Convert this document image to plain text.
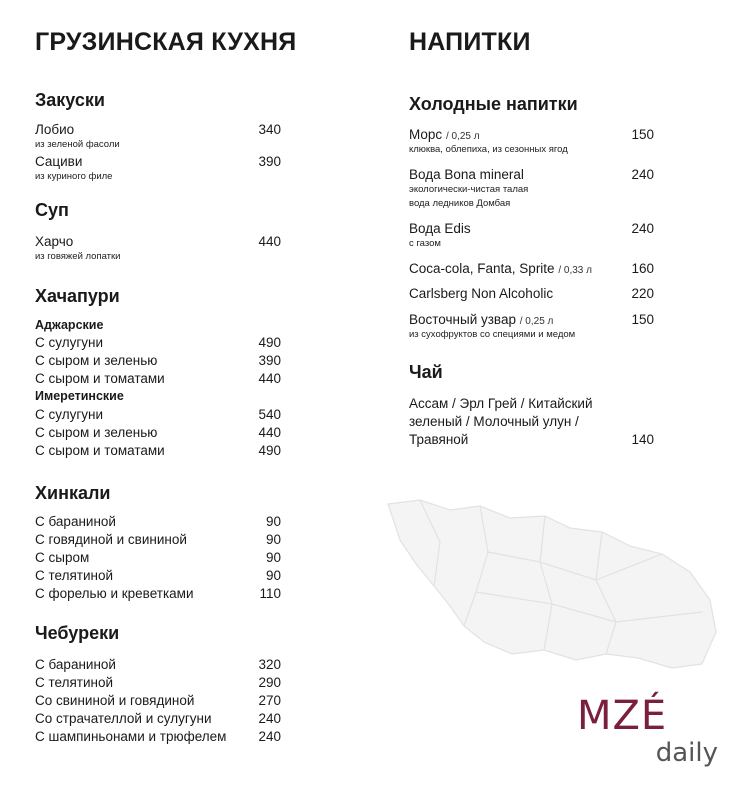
ГРУЗИНСКАЯ КУХНЯ
Закуски
Лобио	340
из зеленой фасоли
Сациви	390
из куриного филе
Суп
Харчо	440
из говяжей лопатки
Хачапури
Аджарские
С сулугуни	490
С сыром и зеленью	390
С сыром и томатами	440
Имеретинские
С сулугуни	540
С сыром и зеленью	440
С сыром и томатами	490
Хинкали
С бараниной	90
С говядиной и свининой	90
С сыром	90
С телятиной	90
С форелью и креветками	110
Чебуреки
С бараниной	320
С телятиной	290
Со свининой и говядиной	270
Со страчателлой и сулугуни	240
С шампиньонами и трюфелем 240
НАПИТКИ
Холодные напитки
Морс / 0,25 л	150
клюква, облепиха, из сезонных ягод
Вода Bona mineral	240
экологически-чистая талая
вода ледников Домбая
Вода Edis	240
с газом
Coca-cola, Fanta, Sprite / 0,33 л	160
Carlsberg Non Alcoholic	220
Восточный узвар / 0,25 л	150
из сухофруктов со специями и медом
Чай
Ассам / Эрл Грей / Китайский зеленый / Молочный улун / Травяной	140
MZÉ
daily
